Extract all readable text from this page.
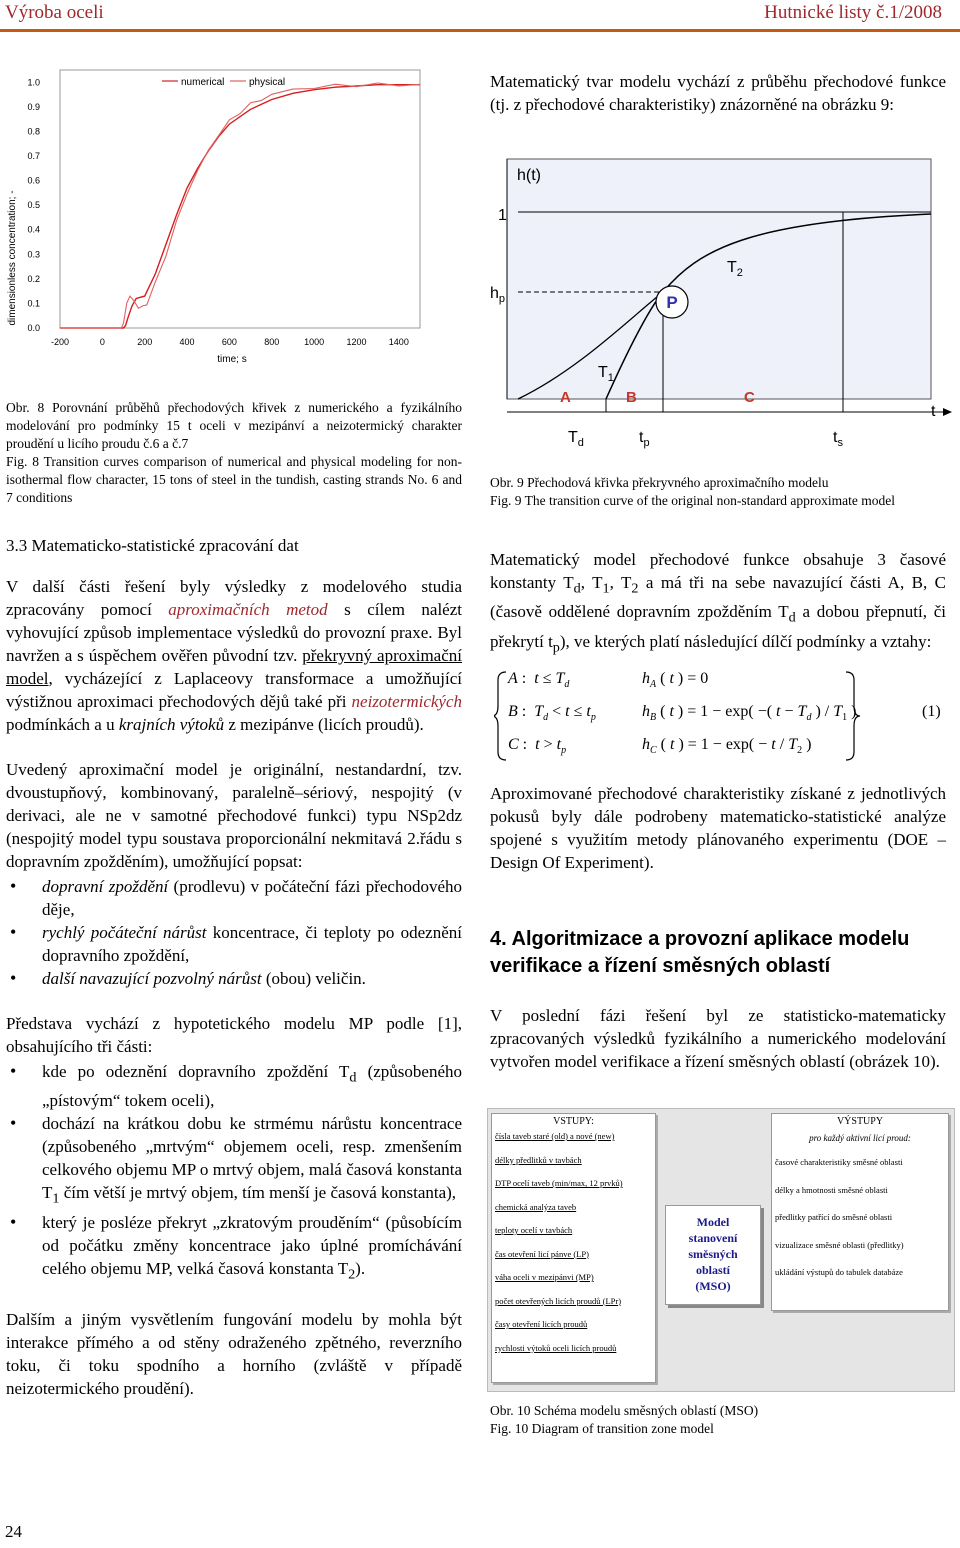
Výroba oceli	Hutnické listy č.1/2008
0.0
0.1
0.2
0.3
0.4
0.5
0.6
0.7
0.8
0.9
1.0
-200	0	200	400	600	800	1000 1200 1400
dimensionless concentration; -
time; s
numerical physical

Obr. 8 Porovnání průběhů přechodových křivek z numerického a fyzikálního modelování pro podmínky 15 t oceli v mezipánví a neizotermický charakter proudění u licího proudu č.6 a č.7

Fig. 8 Transition curves comparison of numerical and physical modeling for non-isothermal flow character, 15 tons of steel in the tundish, casting strands No. 6 and 7 conditions

3.3 Matematicko-statistické zpracování dat

V další části řešení byly výsledky z modelového studia zpracovány pomocí aproximačních metod s cílem nalézt vyhovující způsob implementace výsledků do provozní praxe. Byl navržen a s úspěchem ověřen původní tzv. překryvný aproximační model, vycházející z Laplaceovy transformace a umožňující výstižnou aproximaci přechodových dějů také při neizotermických podmínkách a u krajních výtoků z mezipánve (licích proudů).

Uvedený aproximační model je originální, nestandardní, tzv. dvoustupňový, kombinovaný, paralelně–sériový, nespojitý (v derivaci, ale ne v samotné přechodové funkci) typu NSp2dz (nespojitý model typu soustava proporcionální nekmitavá 2.řádu s dopravním zpožděním), umožňující popsat:

• dopravní zpoždění (prodlevu) v počáteční fázi přechodového děje,
• rychlý počáteční nárůst koncentrace, či teploty po odeznění dopravního zpoždění,
• další navazující pozvolný nárůst (obou) veličin.

Představa vychází z hypotetického modelu MP podle [1], obsahujícího tři části:

• kde po odeznění dopravního zpoždění $T_d$ (způsobeného „pístovým“ tokem oceli),
• dochází na krátkou dobu ke strmému nárůstu koncentrace (způsobeného „mrtvým“ objemem oceli, resp. zmenšením celkového objemu MP o mrtvý objem, malá časová konstanta $T_1$ čím větší je mrtvý objem, tím menší je časová konstanta),
• který je posléze překryt „zkratovým prouděním“ (působícím od počátku změny koncentrace jako úplné promíchávání celého objemu MP, velká časová konstanta $T_2$).

Dalším a jiným vysvětlením fungování modelu by mohla být interakce přímého a od stěny odraženého zpětného, reverzního toku, či toku spodního a horního (zvláště v případě neizotermického proudění).

Matematický tvar modelu vychází z průběhu přechodové funkce (tj. z přechodové charakteristiky) znázorněné na obrázku 9:
h(t)
1
$h_p$
$T_2$
P
$T_1$
A	B	C
t
$T_d$	$t_p$	$t_s$

Obr. 9 Přechodová křivka překryvného aproximačního modelu

Fig. 9 The transition curve of the original non-standard approximate model

Matematický model přechodové funkce obsahuje 3 časové konstanty $T_d$, $T_1$, $T_2$ a má tři na sebe navazující části A, B, C (časově oddělené dopravním zpožděním $T_d$ a dobou přepnutí, či překrytí $t_p$), ve kterých platí následující dílčí podmínky a vztahy:

A :  $t \le T_d$	$h_A$ ( t ) = 0
B :  $T_d < t \le t_p$	$h_B$ ( t ) = 1 − exp( −( $t - T_d$ ) / $T_1$ )
C :  $t > t_p$	$h_C$ ( t ) = $1 - \exp( - t / T_2$ )
(1)
Aproximované přechodové charakteristiky získané z jednotlivých pokusů byly dále podrobeny matematicko-statistické analýze spojené s využitím metody plánovaného experimentu (DOE – Design Of Experiment).
4. Algoritmizace a provozní aplikace modelu verifikace a řízení směsných oblastí
V poslední fázi řešení byl ze statisticko-matematicky zpracovaných výsledků fyzikálního a numerického modelování vytvořen model verifikace a řízení směsných oblastí (obrázek 10).
VSTUPY:
čísla taveb staré (old) a nové (new)
délky předlitků v tavbách
DTP ocelí taveb (min/max, 12 prvků)
chemická analýza taveb
teploty ocelí v tavbách
čas otevření licí pánve (LP)
váha oceli v mezipánvi (MP)
počet otevřených licích proudů (LPr)
časy otevření licích proudů
rychlosti výtoků oceli licích proudů
Model
stanovení
směsných
oblastí
(MSO)
VÝSTUPY
pro každý aktivní licí proud:
časové charakteristiky směsné oblasti
délky a hmotnosti směsné oblasti
předlitky patřící do směsné oblasti
vizualizace směsné oblasti (předlitky)
ukládání výstupů do tabulek databáze

Obr. 10 Schéma modelu směsných oblastí (MSO)

Fig. 10 Diagram of transition zone model

24
